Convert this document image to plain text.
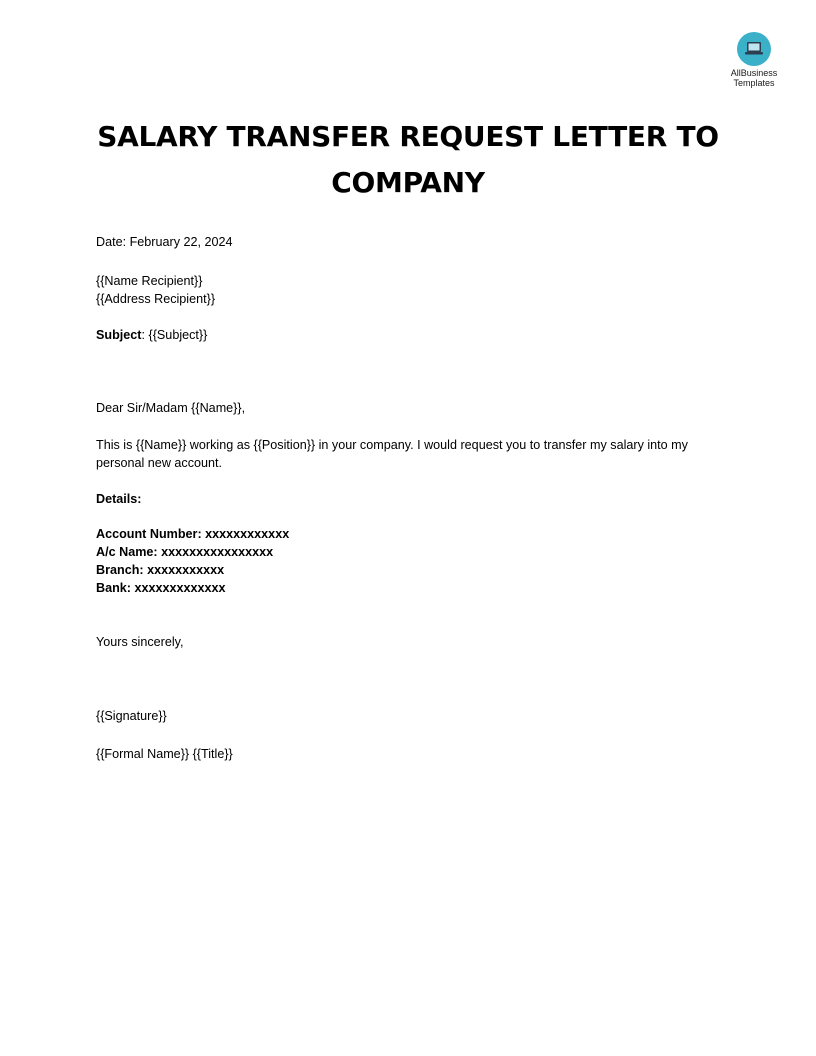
AllBusiness
Templates
SALARY TRANSFER REQUEST LETTER TO COMPANY
Date: February 22, 2024
{{Name Recipient}}
{{Address Recipient}}
Subject: {{Subject}}
Dear Sir/Madam {{Name}},
This is {{Name}} working as {{Position}} in your company. I would request you to transfer my salary into my personal new account.
Details:
Account Number: xxxxxxxxxxxx
A/c Name: xxxxxxxxxxxxxxxx
Branch: xxxxxxxxxxx
Bank: xxxxxxxxxxxxx
Yours sincerely,
{{Signature}}
{{Formal Name}} {{Title}}
